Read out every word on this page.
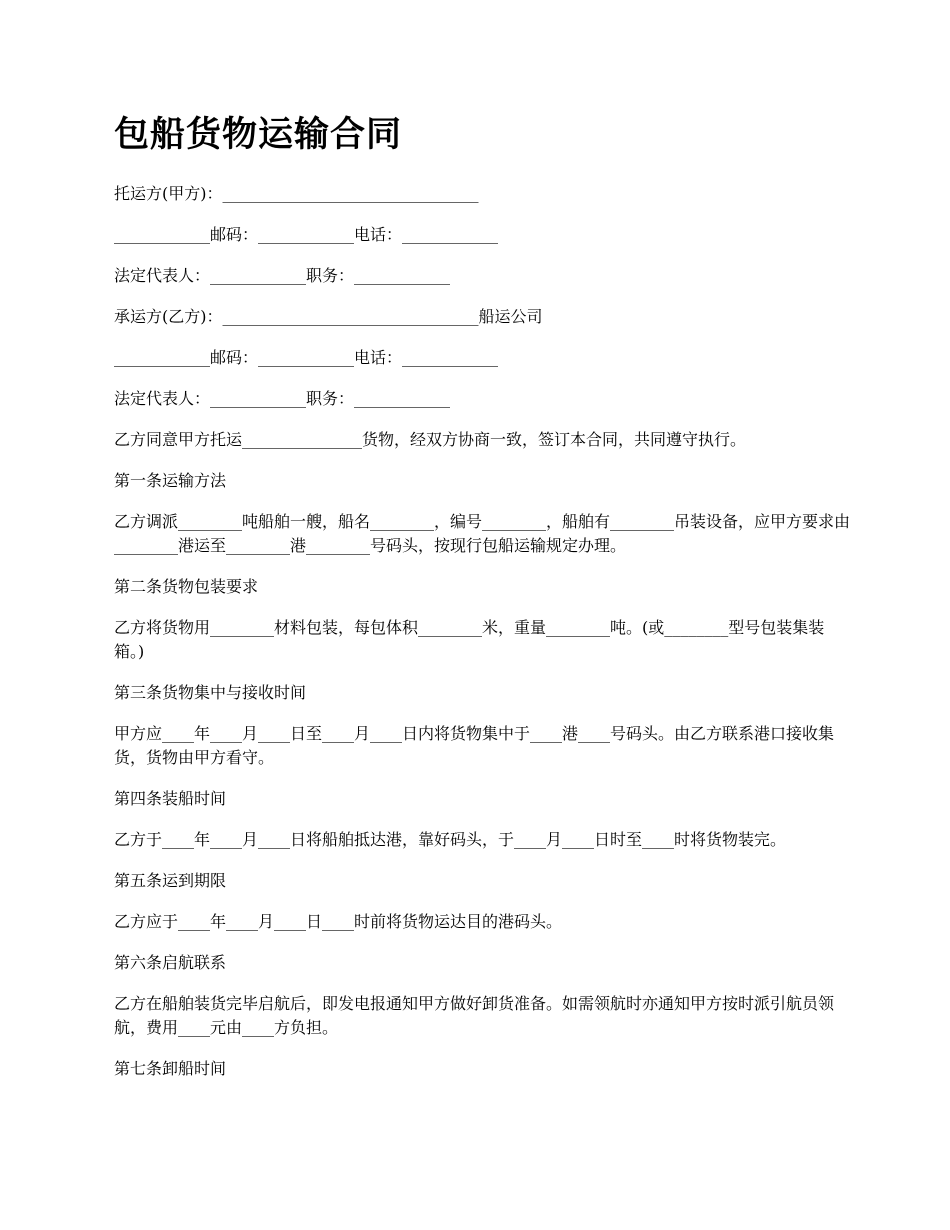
包船货物运输合同

托运方(甲方)：________________________________

____________邮码：____________电话：____________

法定代表人：____________职务：____________

承运方(乙方)：________________________________船运公司

____________邮码：____________电话：____________

法定代表人：____________职务：____________

乙方同意甲方托运_______________货物，经双方协商一致，签订本合同，共同遵守执行。

第一条运输方法

乙方调派________吨船舶一艘，船名________，编号________，船舶有________吊装设备，应甲方要求由________港运至________港________号码头，按现行包船运输规定办理。

第二条货物包装要求

乙方将货物用________材料包装，每包体积________米，重量________吨。(或________型号包装集装箱。)

第三条货物集中与接收时间

甲方应____年____月____日至____月____日内将货物集中于____港____号码头。由乙方联系港口接收集货，货物由甲方看守。

第四条装船时间

乙方于____年____月____日将船舶抵达港，靠好码头，于____月____日时至____时将货物装完。

第五条运到期限

乙方应于____年____月____日____时前将货物运达目的港码头。

第六条启航联系

乙方在船舶装货完毕启航后，即发电报通知甲方做好卸货准备。如需领航时亦通知甲方按时派引航员领航，费用____元由____方负担。

第七条卸船时间
